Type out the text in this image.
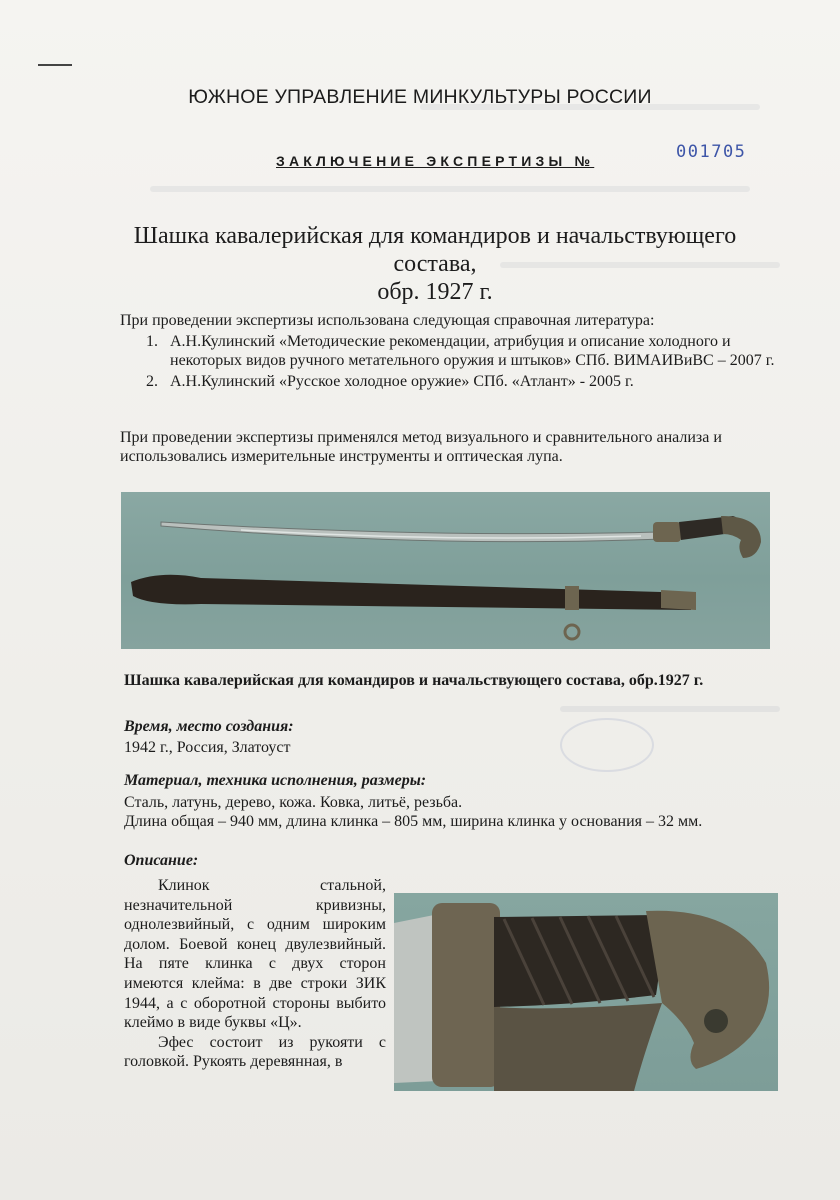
ЮЖНОЕ УПРАВЛЕНИЕ МИНКУЛЬТУРЫ РОССИИ
ЗАКЛЮЧЕНИЕ ЭКСПЕРТИЗЫ №	001705
Шашка кавалерийская для командиров и начальствующего состава,
обр. 1927 г.
При проведении экспертизы использована следующая справочная литература:
1. А.Н.Кулинский «Методические рекомендации, атрибуция и описание холодного и некоторых видов ручного метательного оружия и штыков» СПб. ВИМАИВиВС – 2007 г.
2. А.Н.Кулинский «Русское холодное оружие» СПб. «Атлант» - 2005 г.
При проведении экспертизы применялся метод визуального и сравнительного анализа и использовались измерительные инструменты и оптическая лупа.
Шашка кавалерийская для командиров и начальствующего состава, обр.1927 г.
Время, место создания:
1942 г., Россия, Златоуст
Материал, техника исполнения, размеры:
Сталь, латунь, дерево, кожа. Ковка, литьё, резьба.
Длина общая – 940 мм, длина клинка – 805 мм, ширина клинка у основания – 32 мм.
Описание:

Клинок стальной, незначительной кривизны, однолезвийный, с одним широким долом. Боевой конец двулезвийный. На пяте клинка с двух сторон имеются клейма: в две строки ЗИК 1944, а с оборотной стороны выбито клеймо в виде буквы «Ц».

Эфес состоит из рукояти с головкой. Рукоять деревянная, в
